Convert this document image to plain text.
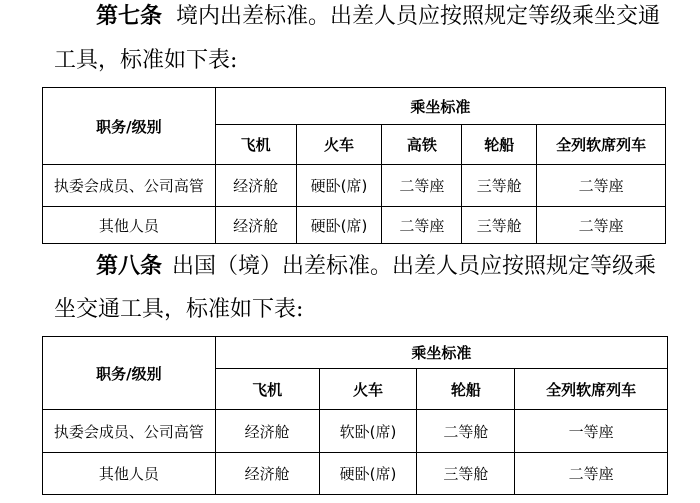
第七条 境内出差标准。出差人员应按照规定等级乘坐交通
工具，标准如下表:
职务/级别	乘坐标准				
	飞机	火车	高铁	轮船	全列软席列车
执委会成员、公司高管	经济舱	硬卧(席)	二等座	三等舱	二等座
其他人员	经济舱	硬卧(席)	二等座	三等舱	二等座
第八条 出国（境）出差标准。出差人员应按照规定等级乘
坐交通工具，标准如下表:
职务/级别	乘坐标准			
	飞机	火车	轮船	全列软席列车
执委会成员、公司高管	经济舱	软卧(席)	二等舱	一等座
其他人员	经济舱	硬卧(席)	三等舱	二等座
